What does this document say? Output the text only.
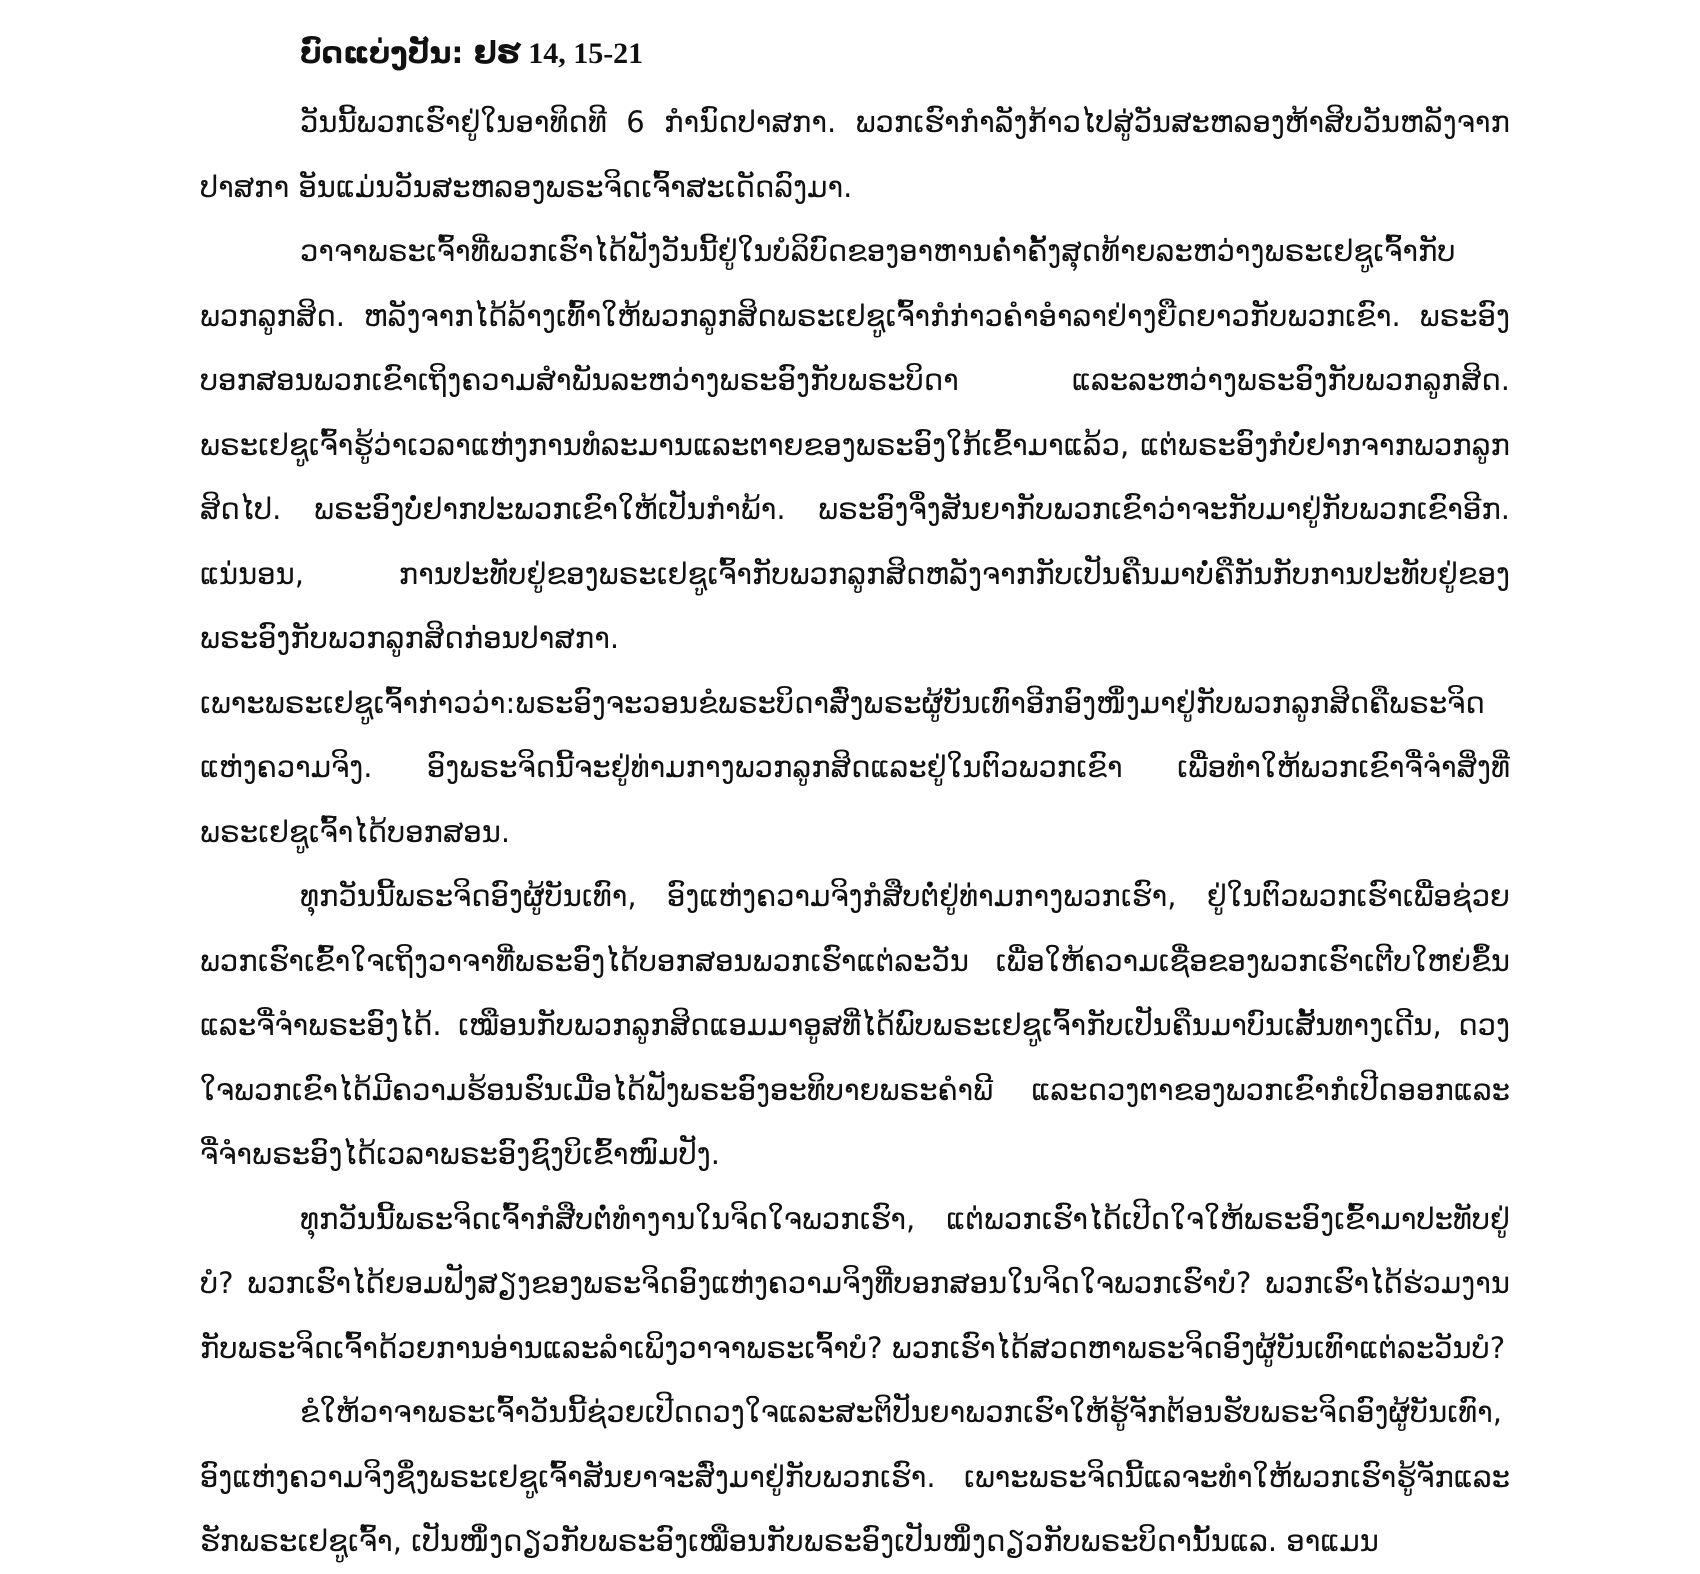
ບົດແບ່ງປັນ: ຢຮ 14, 15-21

ວັນນີ້ພວກເຮົາຢູ່ໃນອາທິດທີ 6 ກຳນົດປາສກາ. ພວກເຮົາກຳລັງກ້າວໄປສູ່ວັນສະຫລອງຫ້າສິບວັນຫລັງຈາກປາສກາ ອັນແມ່ນວັນສະຫລອງພຣະຈິດເຈົ້າສະເດັດລົງມາ.

ວາຈາພຣະເຈົ້າທີ່ພວກເຮົາໄດ້ຟັງວັນນີ້ຢູ່ໃນບໍລິບົດຂອງອາຫານຄ່ຳຄັ້ງສຸດທ້າຍລະຫວ່າງພຣະເຢຊູເຈົ້າກັບພວກລູກສິດ. ຫລັງຈາກໄດ້ລ້າງເທົ້າໃຫ້ພວກລູກສິດພຣະເຢຊູເຈົ້າກໍກ່າວຄຳອຳລາຢ່າງຍືດຍາວກັບພວກເຂົາ. ພຣະອົງບອກສອນພວກເຂົາເຖິງຄວາມສຳພັນລະຫວ່າງພຣະອົງກັບພຣະບິດາ ແລະລະຫວ່າງພຣະອົງກັບພວກລູກສິດ. ພຣະເຢຊູເຈົ້າຮູ້ວ່າເວລາແຫ່ງການທໍລະມານແລະຕາຍຂອງພຣະອົງໃກ້ເຂົ້າມາແລ້ວ, ແຕ່ພຣະອົງກໍບໍ່ຢາກຈາກພວກລູກສິດໄປ. ພຣະອົງບໍ່ຢາກປະພວກເຂົາໃຫ້ເປັນກຳພ້າ. ພຣະອົງຈຶ່ງສັນຍາກັບພວກເຂົາວ່າຈະກັບມາຢູ່ກັບພວກເຂົາອີກ. ແນ່ນອນ, ການປະທັບຢູ່ຂອງພຣະເຢຊູເຈົ້າກັບພວກລູກສິດຫລັງຈາກກັບເປັນຄືນມາບໍ່ຄືກັນກັບການປະທັບຢູ່ຂອງພຣະອົງກັບພວກລູກສິດກ່ອນປາສກາ.

ເພາະພຣະເຢຊູເຈົ້າກ່າວວ່າ:ພຣະອົງຈະວອນຂໍພຣະບິດາສົ່ງພຣະຜູ້ບັນເທົາອີກອົງໜຶ່ງມາຢູ່ກັບພວກລູກສິດຄືພຣະຈິດແຫ່ງຄວາມຈິງ. ອົງພຣະຈິດນີ້ຈະຢູ່ທ່າມກາງພວກລູກສິດແລະຢູ່ໃນຕົວພວກເຂົາ ເພື່ອທຳໃຫ້ພວກເຂົາຈື່ຈຳສິ່ງທີ່ພຣະເຢຊູເຈົ້າໄດ້ບອກສອນ.

ທຸກວັນນີ້ພຣະຈິດອົງຜູ້ບັນເທົາ, ອົງແຫ່ງຄວາມຈິງກໍສືບຕໍ່ຢູ່ທ່າມກາງພວກເຮົາ, ຢູ່ໃນຕົວພວກເຮົາເພື່ອຊ່ວຍພວກເຮົາເຂົ້າໃຈເຖິງວາຈາທີ່ພຣະອົງໄດ້ບອກສອນພວກເຮົາແຕ່ລະວັນ ເພື່ອໃຫ້ຄວາມເຊື່ອຂອງພວກເຮົາເຕີບໃຫຍ່ຂຶ້ນແລະຈື່ຈຳພຣະອົງໄດ້. ເໝືອນກັບພວກລູກສິດແອມມາອູສທີ່ໄດ້ພົບພຣະເຢຊູເຈົ້າກັບເປັນຄືນມາບົນເສັ້ນທາງເດີນ, ດວງໃຈພວກເຂົາໄດ້ມີຄວາມຮ້ອນຮົນເມື່ອໄດ້ຟັງພຣະອົງອະທິບາຍພຣະຄຳພີ ແລະດວງຕາຂອງພວກເຂົາກໍເປີດອອກແລະຈື່ຈຳພຣະອົງໄດ້ເວລາພຣະອົງຊົງບິເຂົ້າໜົມປັງ.

ທຸກວັນນີ້ພຣະຈິດເຈົ້າກໍສືບຕໍ່ທຳງານໃນຈິດໃຈພວກເຮົາ, ແຕ່ພວກເຮົາໄດ້ເປີດໃຈໃຫ້ພຣະອົງເຂົ້າມາປະທັບຢູ່ບໍ? ພວກເຮົາໄດ້ຍອມຟັງສຽງຂອງພຣະຈິດອົງແຫ່ງຄວາມຈິງທີ່ບອກສອນໃນຈິດໃຈພວກເຮົາບໍ? ພວກເຮົາໄດ້ຮ່ວມງານກັບພຣະຈິດເຈົ້າດ້ວຍການອ່ານແລະລຳເພິງວາຈາພຣະເຈົ້າບໍ? ພວກເຮົາໄດ້ສວດຫາພຣະຈິດອົງຜູ້ບັນເທົາແຕ່ລະວັນບໍ?

ຂໍໃຫ້ວາຈາພຣະເຈົ້າວັນນີ້ຊ່ວຍເປີດດວງໃຈແລະສະຕິປັນຍາພວກເຮົາໃຫ້ຮູ້ຈັກຕ້ອນຮັບພຣະຈິດອົງຜູ້ບັນເທົາ, ອົງແຫ່ງຄວາມຈິງຊຶ່ງພຣະເຢຊູເຈົ້າສັນຍາຈະສົ່ງມາຢູ່ກັບພວກເຮົາ. ເພາະພຣະຈິດນີ້ແລຈະທຳໃຫ້ພວກເຮົາຮູ້ຈັກແລະຮັກພຣະເຢຊູເຈົ້າ, ເປັນໜຶ່ງດຽວກັບພຣະອົງເໝືອນກັບພຣະອົງເປັນໜຶ່ງດຽວກັບພຣະບິດານັ້ນແລ. ອາແມນ
